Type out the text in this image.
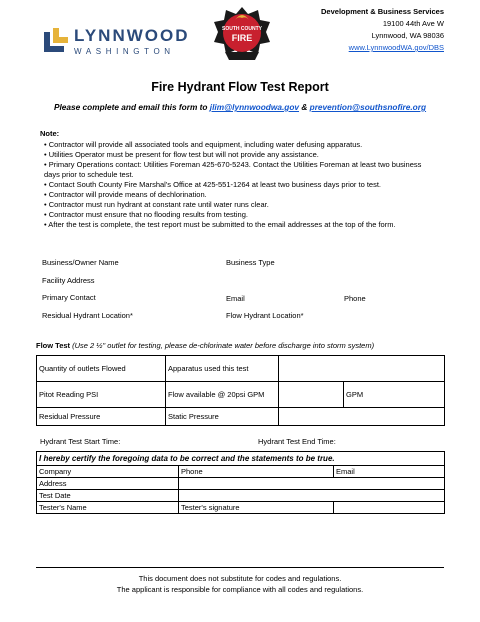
LYNNWOOD
WASHINGTON
SOUTH COUNTY
FIRE
Development & Business Services
19100 44th Ave W
Lynnwood, WA 98036
www.LynnwoodWA.gov/DBS
Fire Hydrant Flow Test Report
Please complete and email this form to jlim@lynnwoodwa.gov & prevention@southsnofire.org
Note:
• Contractor will provide all associated tools and equipment, including water defusing apparatus.
• Utilities Operator must be present for flow test but will not provide any assistance.
• Primary Operations contact: Utilities Foreman 425-670-5243. Contact the Utilities Foreman at least two business days prior to schedule test.
• Contact South County Fire Marshal's Office at 425-551-1264 at least two business days prior to test.
• Contractor will provide means of dechlorination.
• Contractor must run hydrant at constant rate until water runs clear.
• Contractor must ensure that no flooding results from testing.
• After the test is complete, the test report must be submitted to the email addresses at the top of the form.
Business/Owner Name	Business Type
Facility Address
Primary Contact	Email	Phone
Residual Hydrant Location*	Flow Hydrant Location*
Flow Test (Use 2 ½" outlet for testing, please de-chlorinate water before discharge into storm system)
Quantity of outlets Flowed	Apparatus used this test		
Pitot Reading PSI	Flow available @ 20psi GPM		GPM
Residual Pressure	Static Pressure		
Hydrant Test Start Time:	Hydrant Test End Time:
I hereby certify the foregoing data to be correct and the statements to be true.		
Company	Phone	Email
Address		
Test Date		
Tester's Name	Tester's signature	
This document does not substitute for codes and regulations.
The applicant is responsible for compliance with all codes and regulations.
